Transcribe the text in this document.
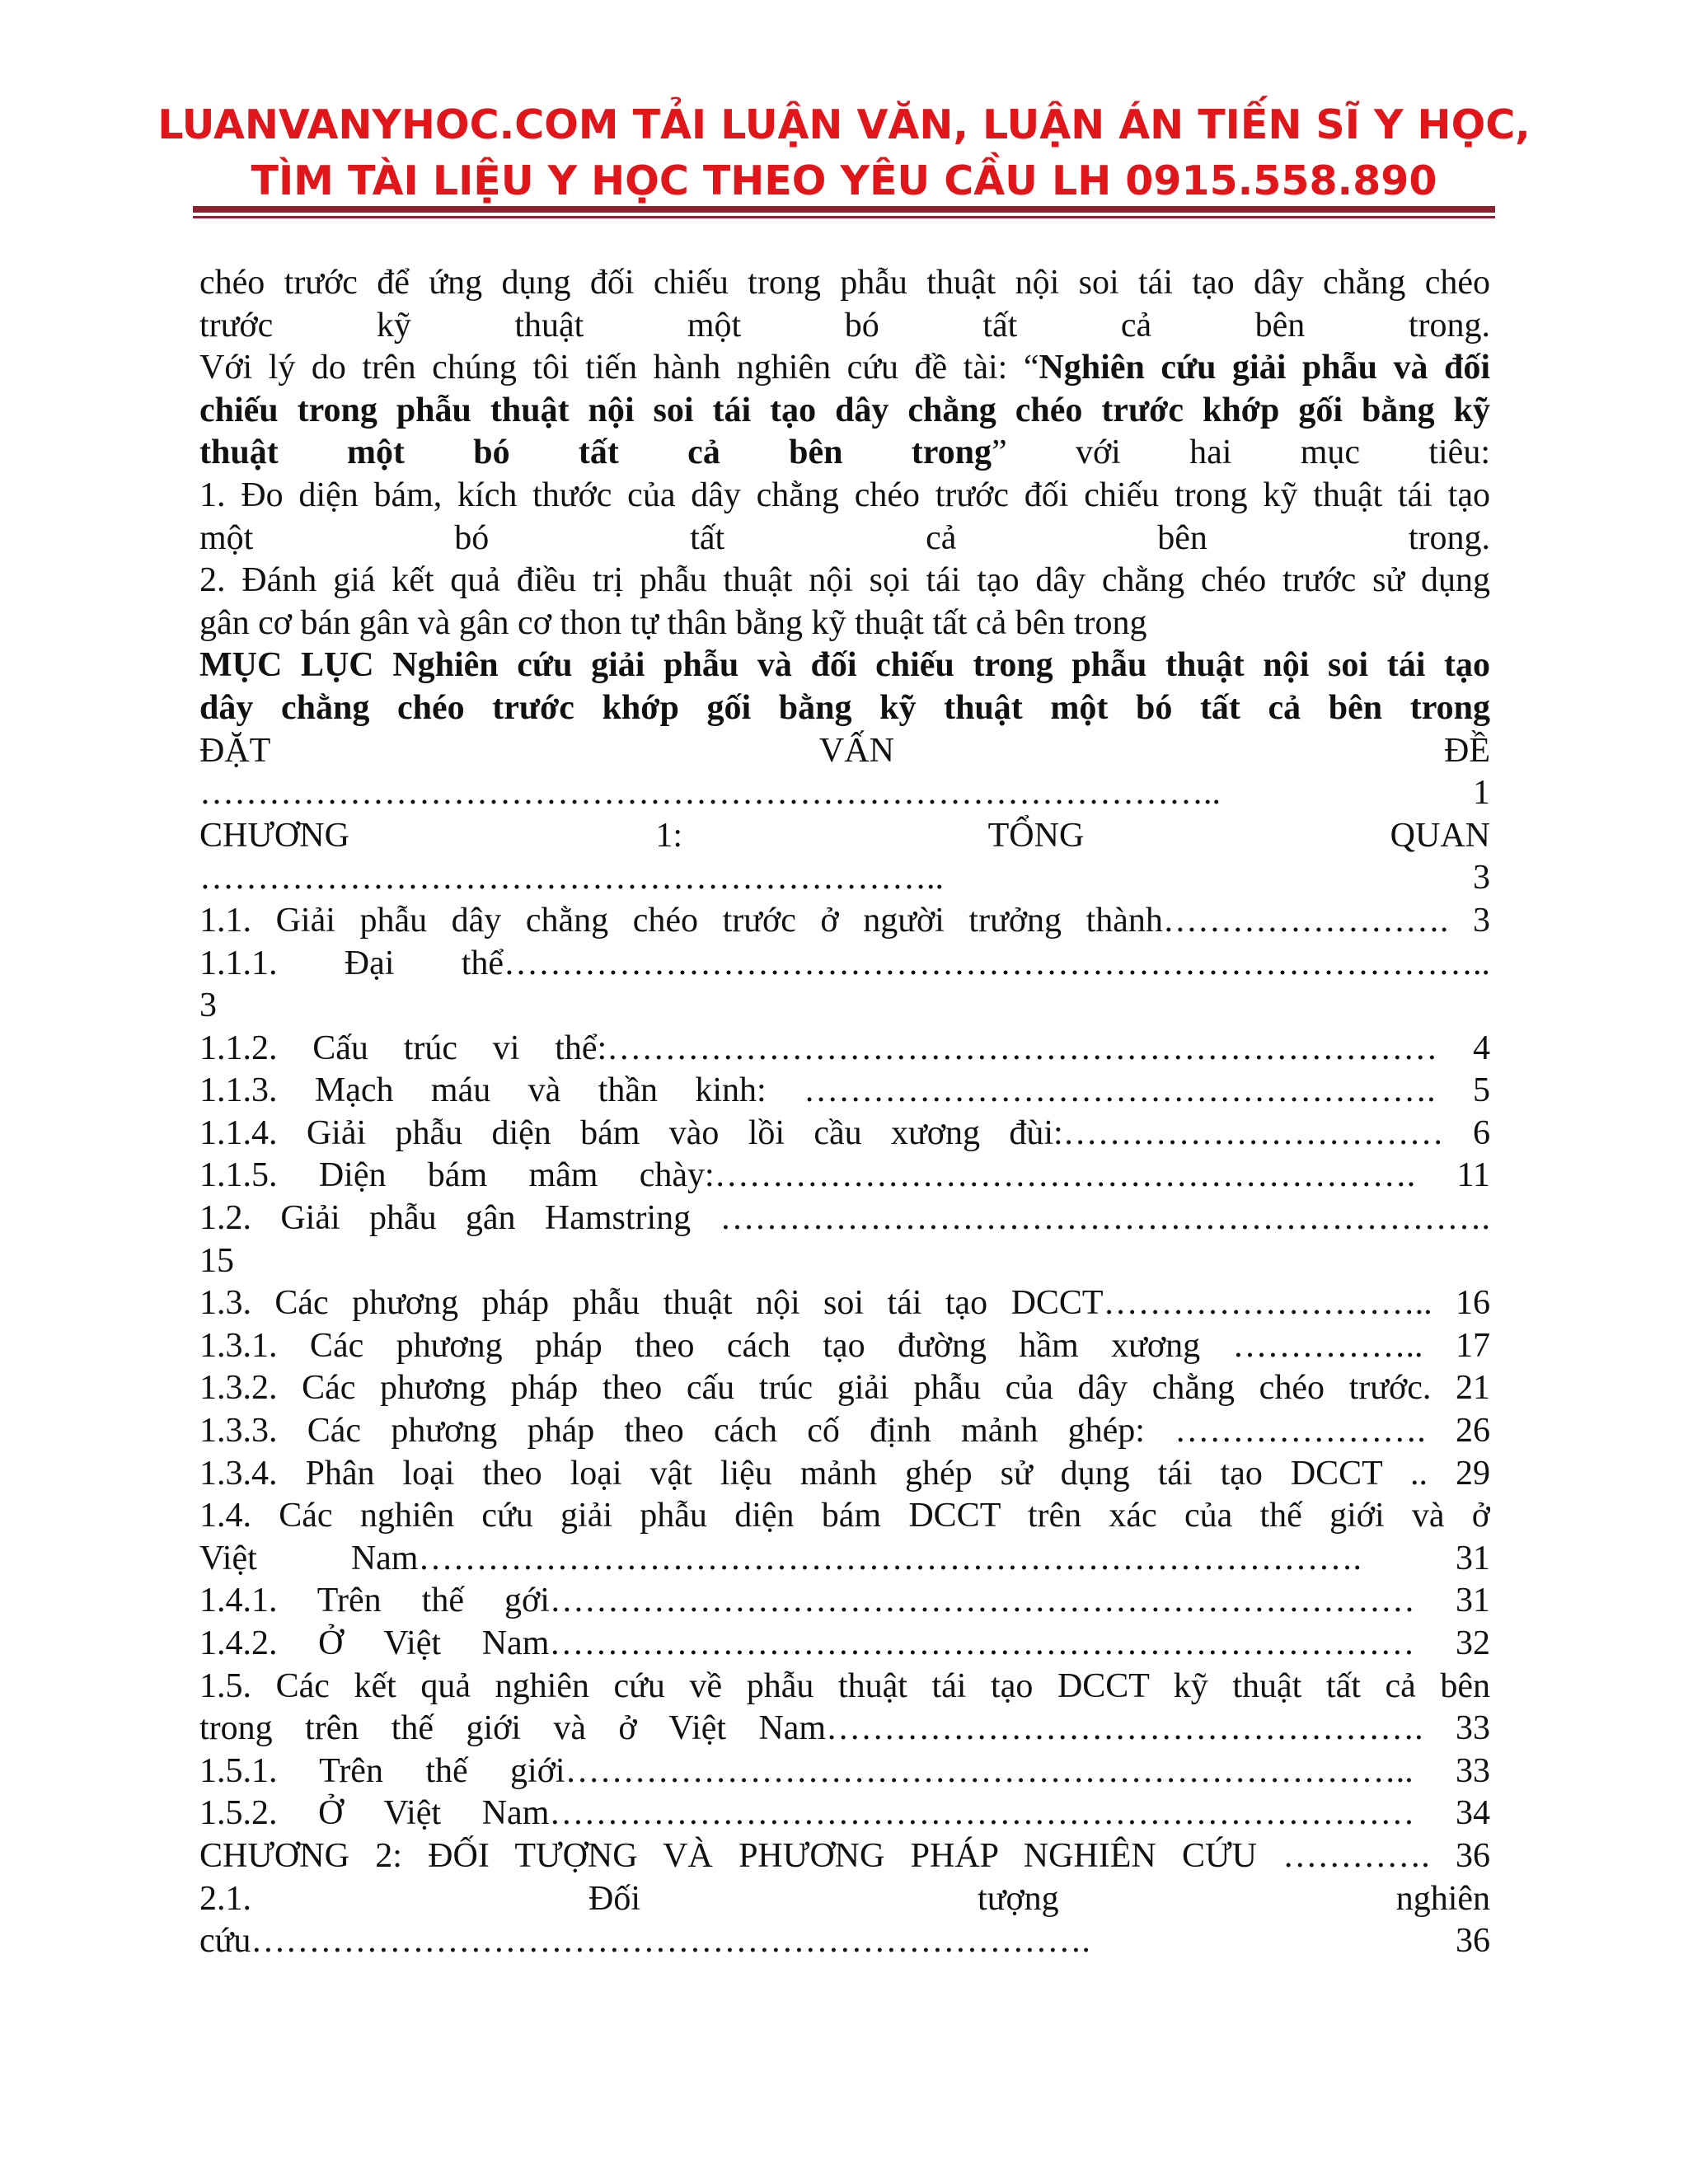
LUANVANYHOC.COM TẢI LUẬN VĂN, LUẬN ÁN TIẾN SĨ Y HỌC,
TÌM TÀI LIỆU Y HỌC THEO YÊU CẦU LH 0915.558.890
chéo trước để ứng dụng đối chiếu trong phẫu thuật nội soi tái tạo dây chằng chéo
trước kỹ thuật một bó tất cả bên trong.
Với lý do trên chúng tôi tiến hành nghiên cứu đề tài: “Nghiên cứu giải phẫu và đối
chiếu trong phẫu thuật nội soi tái tạo dây chằng chéo trước khớp gối bằng kỹ
thuật một bó tất cả bên trong” với hai mục tiêu:
1. Đo diện bám, kích thước của dây chằng chéo trước đối chiếu trong kỹ thuật tái tạo
một bó tất cả bên trong.
2. Đánh giá kết quả điều trị phẫu thuật nội sọi tái tạo dây chằng chéo trước sử dụng
gân cơ bán gân và gân cơ thon tự thân bằng kỹ thuật tất cả bên trong
MỤC LỤC Nghiên cứu giải phẫu và đối chiếu trong phẫu thuật nội soi tái tạo
dây chằng chéo trước khớp gối bằng kỹ thuật một bó tất cả bên trong
ĐẶT VẤN ĐỀ
…………………………………………………………………………….. 1
CHƯƠNG 1: TỔNG QUAN
……………………………………………………….. 3
1.1. Giải phẫu dây chằng chéo trước ở người trưởng thành……………………. 3
1.1.1. Đại thể…………………………………………………………………………..
3
1.1.2. Cấu trúc vi thể:……………………………………………………………… 4
1.1.3. Mạch máu và thần kinh: ………………………………………………. 5
1.1.4. Giải phẫu diện bám vào lồi cầu xương đùi:…………………………… 6
1.1.5. Diện bám mâm chày:……………………………………………………. 11
1.2. Giải phẫu gân Hamstring ………………………………………………………….
15
1.3. Các phương pháp phẫu thuật nội soi tái tạo DCCT……………………….. 16
1.3.1. Các phương pháp theo cách tạo đường hầm xương …………….. 17
1.3.2. Các phương pháp theo cấu trúc giải phẫu của dây chằng chéo trước. 21
1.3.3. Các phương pháp theo cách cố định mảnh ghép: …………………. 26
1.3.4. Phân loại theo loại vật liệu mảnh ghép sử dụng tái tạo DCCT .. 29
1.4. Các nghiên cứu giải phẫu diện bám DCCT trên xác của thế giới và ở
Việt Nam………………………………………………………………………. 31
1.4.1. Trên thế gới………………………………………………………………… 31
1.4.2. Ở Việt Nam………………………………………………………………… 32
1.5. Các kết quả nghiên cứu về phẫu thuật tái tạo DCCT kỹ thuật tất cả bên
trong trên thế giới và ở Việt Nam……………………………………………. 33
1.5.1. Trên thế giới……………………………………………………………….. 33
1.5.2. Ở Việt Nam………………………………………………………………… 34
CHƯƠNG 2: ĐỐI TƯỢNG VÀ PHƯƠNG PHÁP NGHIÊN CỨU …………. 36
2.1. Đối tượng nghiên
cứu………………………………………………………………. 36
